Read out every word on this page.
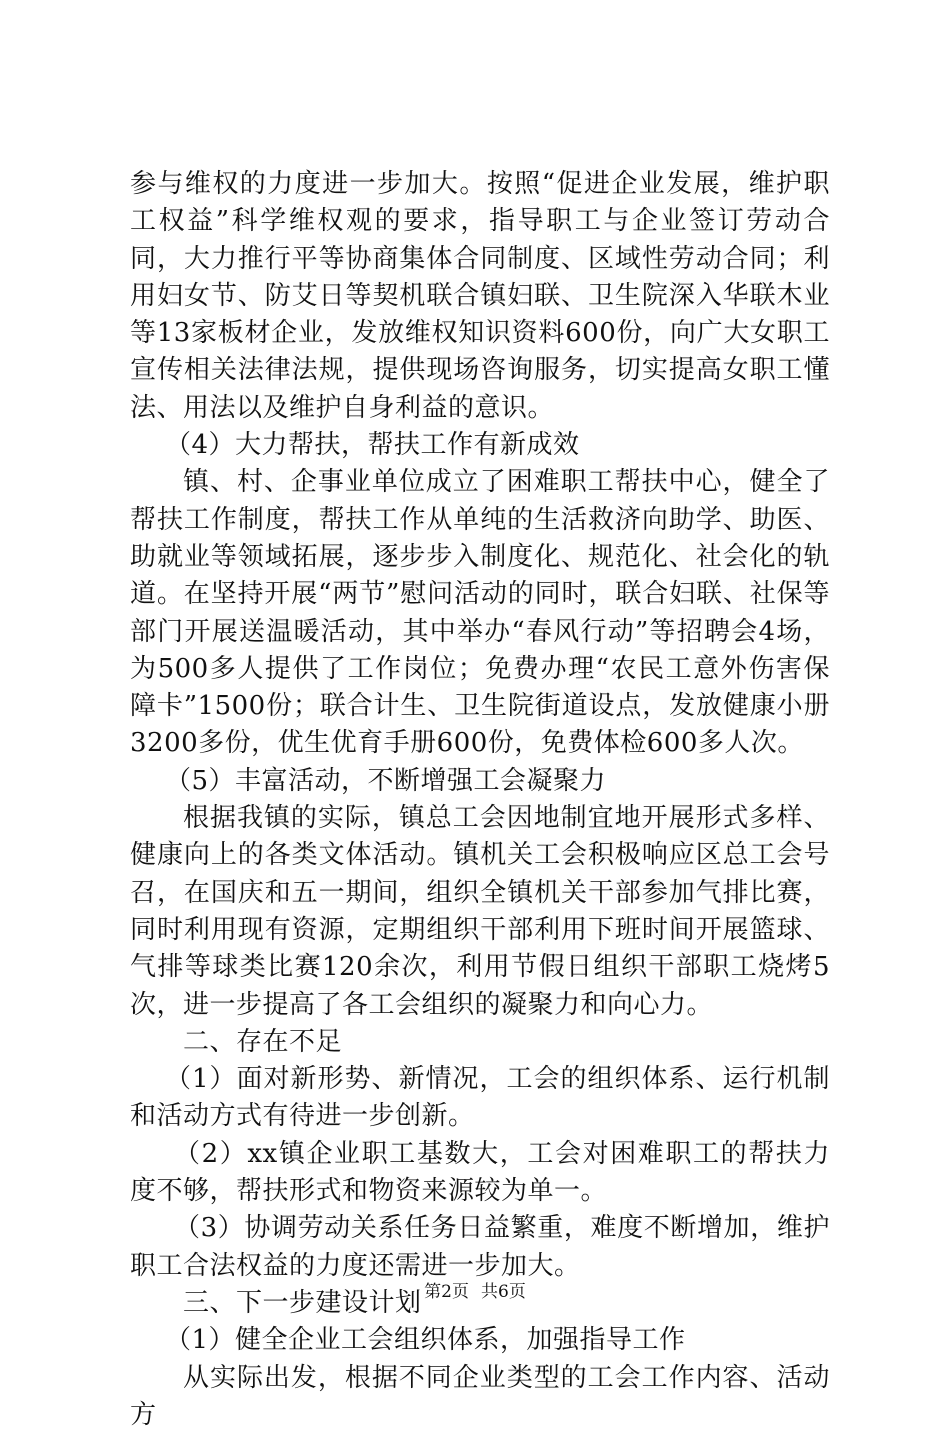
参与维权的力度进一步加大。按照“促进企业发展，维护职工权益”科学维权观的要求，指导职工与企业签订劳动合同，大力推行平等协商集体合同制度、区域性劳动合同；利用妇女节、防艾日等契机联合镇妇联、卫生院深入华联木业等13家板材企业，发放维权知识资料600份，向广大女职工宣传相关法律法规，提供现场咨询服务，切实提高女职工懂法、用法以及维护自身利益的意识。

（4）大力帮扶，帮扶工作有新成效

镇、村、企事业单位成立了困难职工帮扶中心，健全了帮扶工作制度，帮扶工作从单纯的生活救济向助学、助医、助就业等领域拓展，逐步步入制度化、规范化、社会化的轨道。在坚持开展“两节”慰问活动的同时，联合妇联、社保等部门开展送温暖活动，其中举办“春风行动”等招聘会4场，为500多人提供了工作岗位；免费办理“农民工意外伤害保障卡”1500份；联合计生、卫生院街道设点，发放健康小册3200多份，优生优育手册600份，免费体检600多人次。

（5）丰富活动，不断增强工会凝聚力

根据我镇的实际，镇总工会因地制宜地开展形式多样、健康向上的各类文体活动。镇机关工会积极响应区总工会号召，在国庆和五一期间，组织全镇机关干部参加气排比赛，同时利用现有资源，定期组织干部利用下班时间开展篮球、气排等球类比赛120余次，利用节假日组织干部职工烧烤5次，进一步提高了各工会组织的凝聚力和向心力。

二、存在不足

（1）面对新形势、新情况，工会的组织体系、运行机制和活动方式有待进一步创新。

（2）xx镇企业职工基数大，工会对困难职工的帮扶力度不够，帮扶形式和物资来源较为单一。

（3）协调劳动关系任务日益繁重，难度不断增加，维护职工合法权益的力度还需进一步加大。

三、下一步建设计划

（1）健全企业工会组织体系，加强指导工作

从实际出发，根据不同企业类型的工会工作内容、活动方

第2页 共6页
